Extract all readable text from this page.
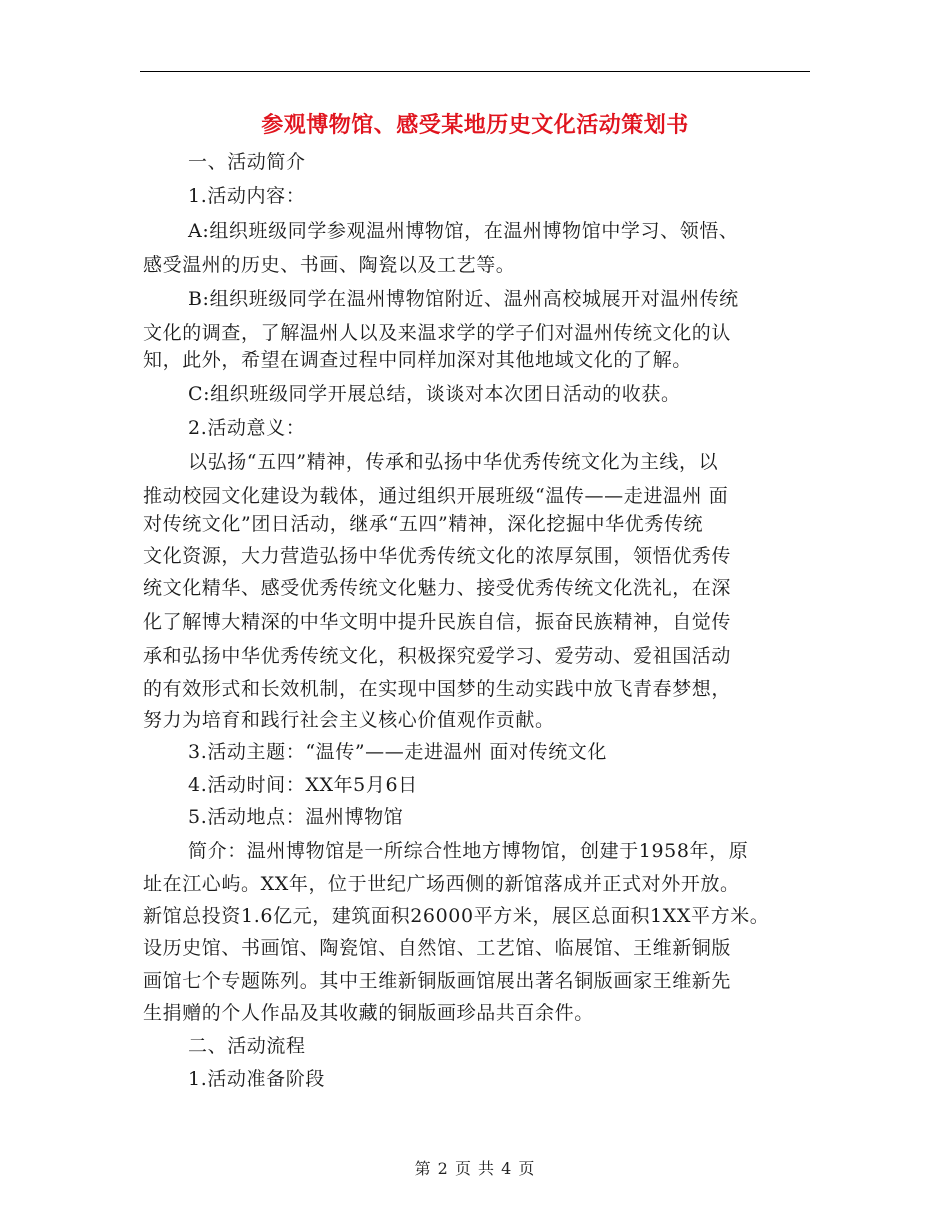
参观博物馆、感受某地历史文化活动策划书
一、活动简介
1.活动内容：
A:组织班级同学参观温州博物馆，在温州博物馆中学习、领悟、
感受温州的历史、书画、陶瓷以及工艺等。
B:组织班级同学在温州博物馆附近、温州高校城展开对温州传统
文化的调查，了解温州人以及来温求学的学子们对温州传统文化的认
知，此外，希望在调查过程中同样加深对其他地域文化的了解。
C:组织班级同学开展总结，谈谈对本次团日活动的收获。
2.活动意义：
以弘扬“五四”精神，传承和弘扬中华优秀传统文化为主线，以
推动校园文化建设为载体，通过组织开展班级“温传——走进温州 面
对传统文化”团日活动，继承“五四”精神，深化挖掘中华优秀传统
文化资源，大力营造弘扬中华优秀传统文化的浓厚氛围，领悟优秀传
统文化精华、感受优秀传统文化魅力、接受优秀传统文化洗礼，在深
化了解博大精深的中华文明中提升民族自信，振奋民族精神，自觉传
承和弘扬中华优秀传统文化，积极探究爱学习、爱劳动、爱祖国活动
的有效形式和长效机制，在实现中国梦的生动实践中放飞青春梦想，
努力为培育和践行社会主义核心价值观作贡献。
3.活动主题：“温传”——走进温州 面对传统文化
4.活动时间：XX年5月6日
5.活动地点：温州博物馆
简介：温州博物馆是一所综合性地方博物馆，创建于1958年，原
址在江心屿。XX年，位于世纪广场西侧的新馆落成并正式对外开放。
新馆总投资1.6亿元，建筑面积26000平方米，展区总面积1XX平方米。
设历史馆、书画馆、陶瓷馆、自然馆、工艺馆、临展馆、王维新铜版
画馆七个专题陈列。其中王维新铜版画馆展出著名铜版画家王维新先
生捐赠的个人作品及其收藏的铜版画珍品共百余件。
二、活动流程
1.活动准备阶段
第 2 页 共 4 页
